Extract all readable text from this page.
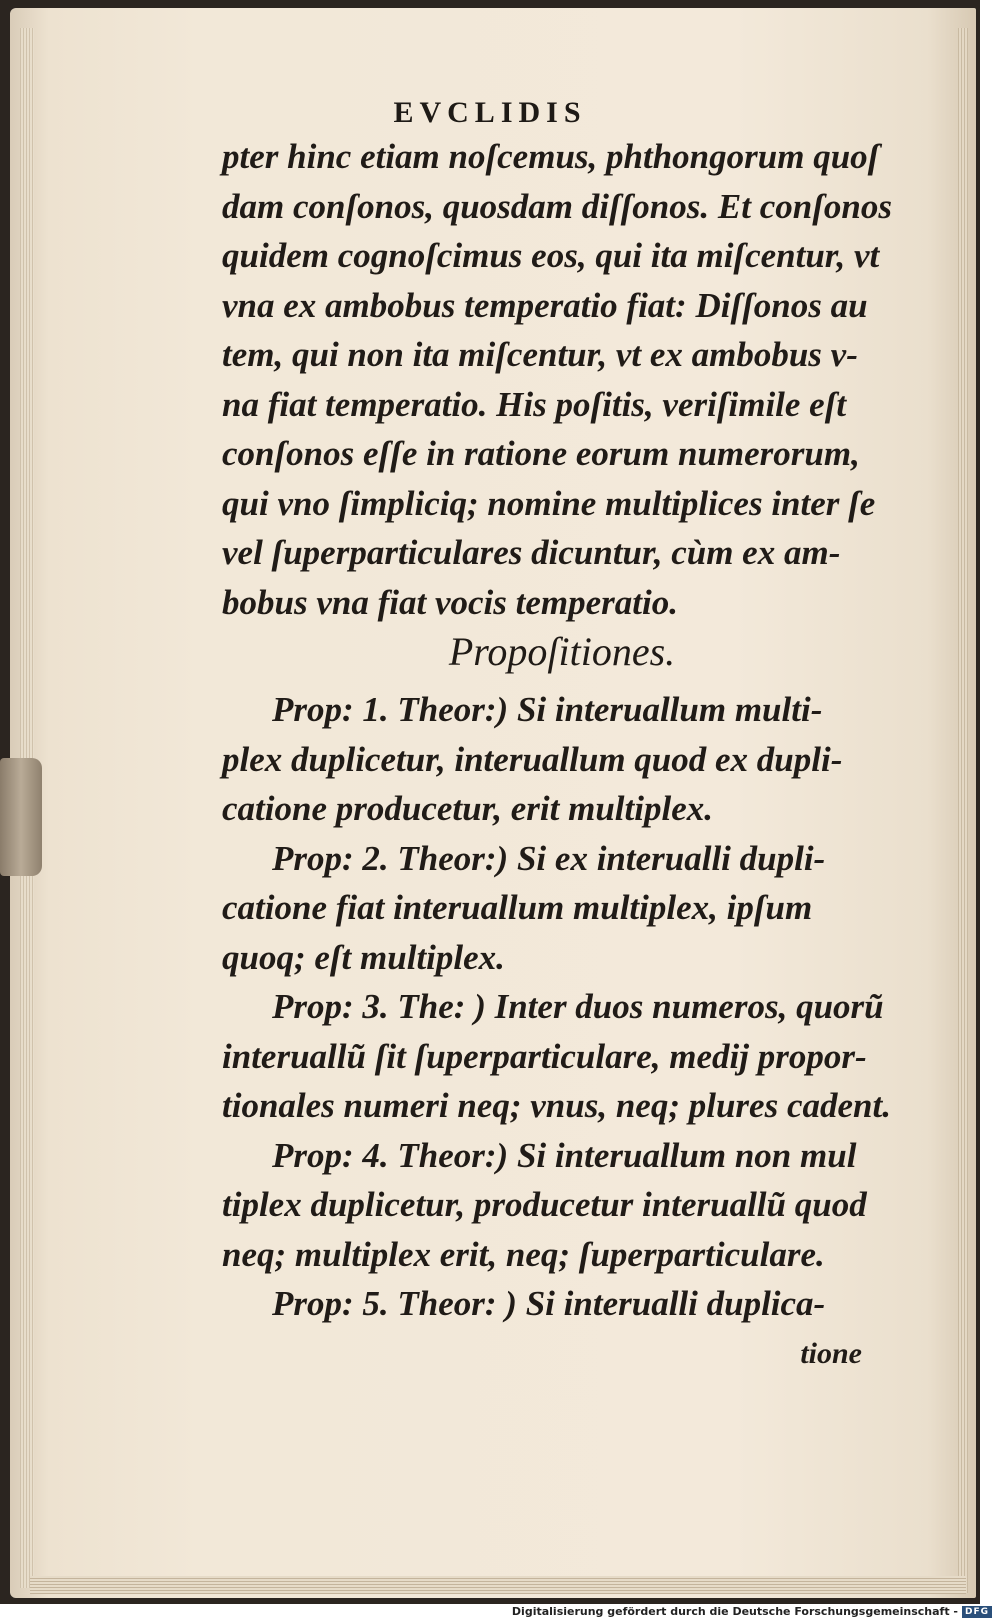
EVCLIDIS
pter hinc etiam noſcemus, phthongorum quoſ
dam conſonos, quosdam diſſonos. Et conſonos
quidem cognoſcimus eos, qui ita miſcentur, vt
vna ex ambobus temperatio fiat: Diſſonos au
tem, qui non ita miſcentur, vt ex ambobus v-
na fiat temperatio. His poſitis, veriſimile eſt
conſonos eſſe in ratione eorum numerorum,
qui vno ſimpliciq; nomine multiplices inter ſe
vel ſuperparticulares dicuntur, cùm ex am-
bobus vna fiat vocis temperatio.
Propoſitiones.
Prop: 1. Theor:) Si interuallum multi-
plex duplicetur, interuallum quod ex dupli-
catione producetur, erit multiplex.
Prop: 2. Theor:) Si ex interualli dupli-
catione fiat interuallum multiplex, ipſum
quoq; eſt multiplex.
Prop: 3. The: ) Inter duos numeros, quorũ
interuallũ ſit ſuperparticulare, medij propor-
tionales numeri neq; vnus, neq; plures cadent.
Prop: 4. Theor:) Si interuallum non mul
tiplex duplicetur, producetur interuallũ quod
neq; multiplex erit, neq; ſuperparticulare.
Prop: 5. Theor: ) Si interualli duplica-
tione
Digitalisierung gefördert durch die Deutsche Forschungsgemeinschaft - DFG
